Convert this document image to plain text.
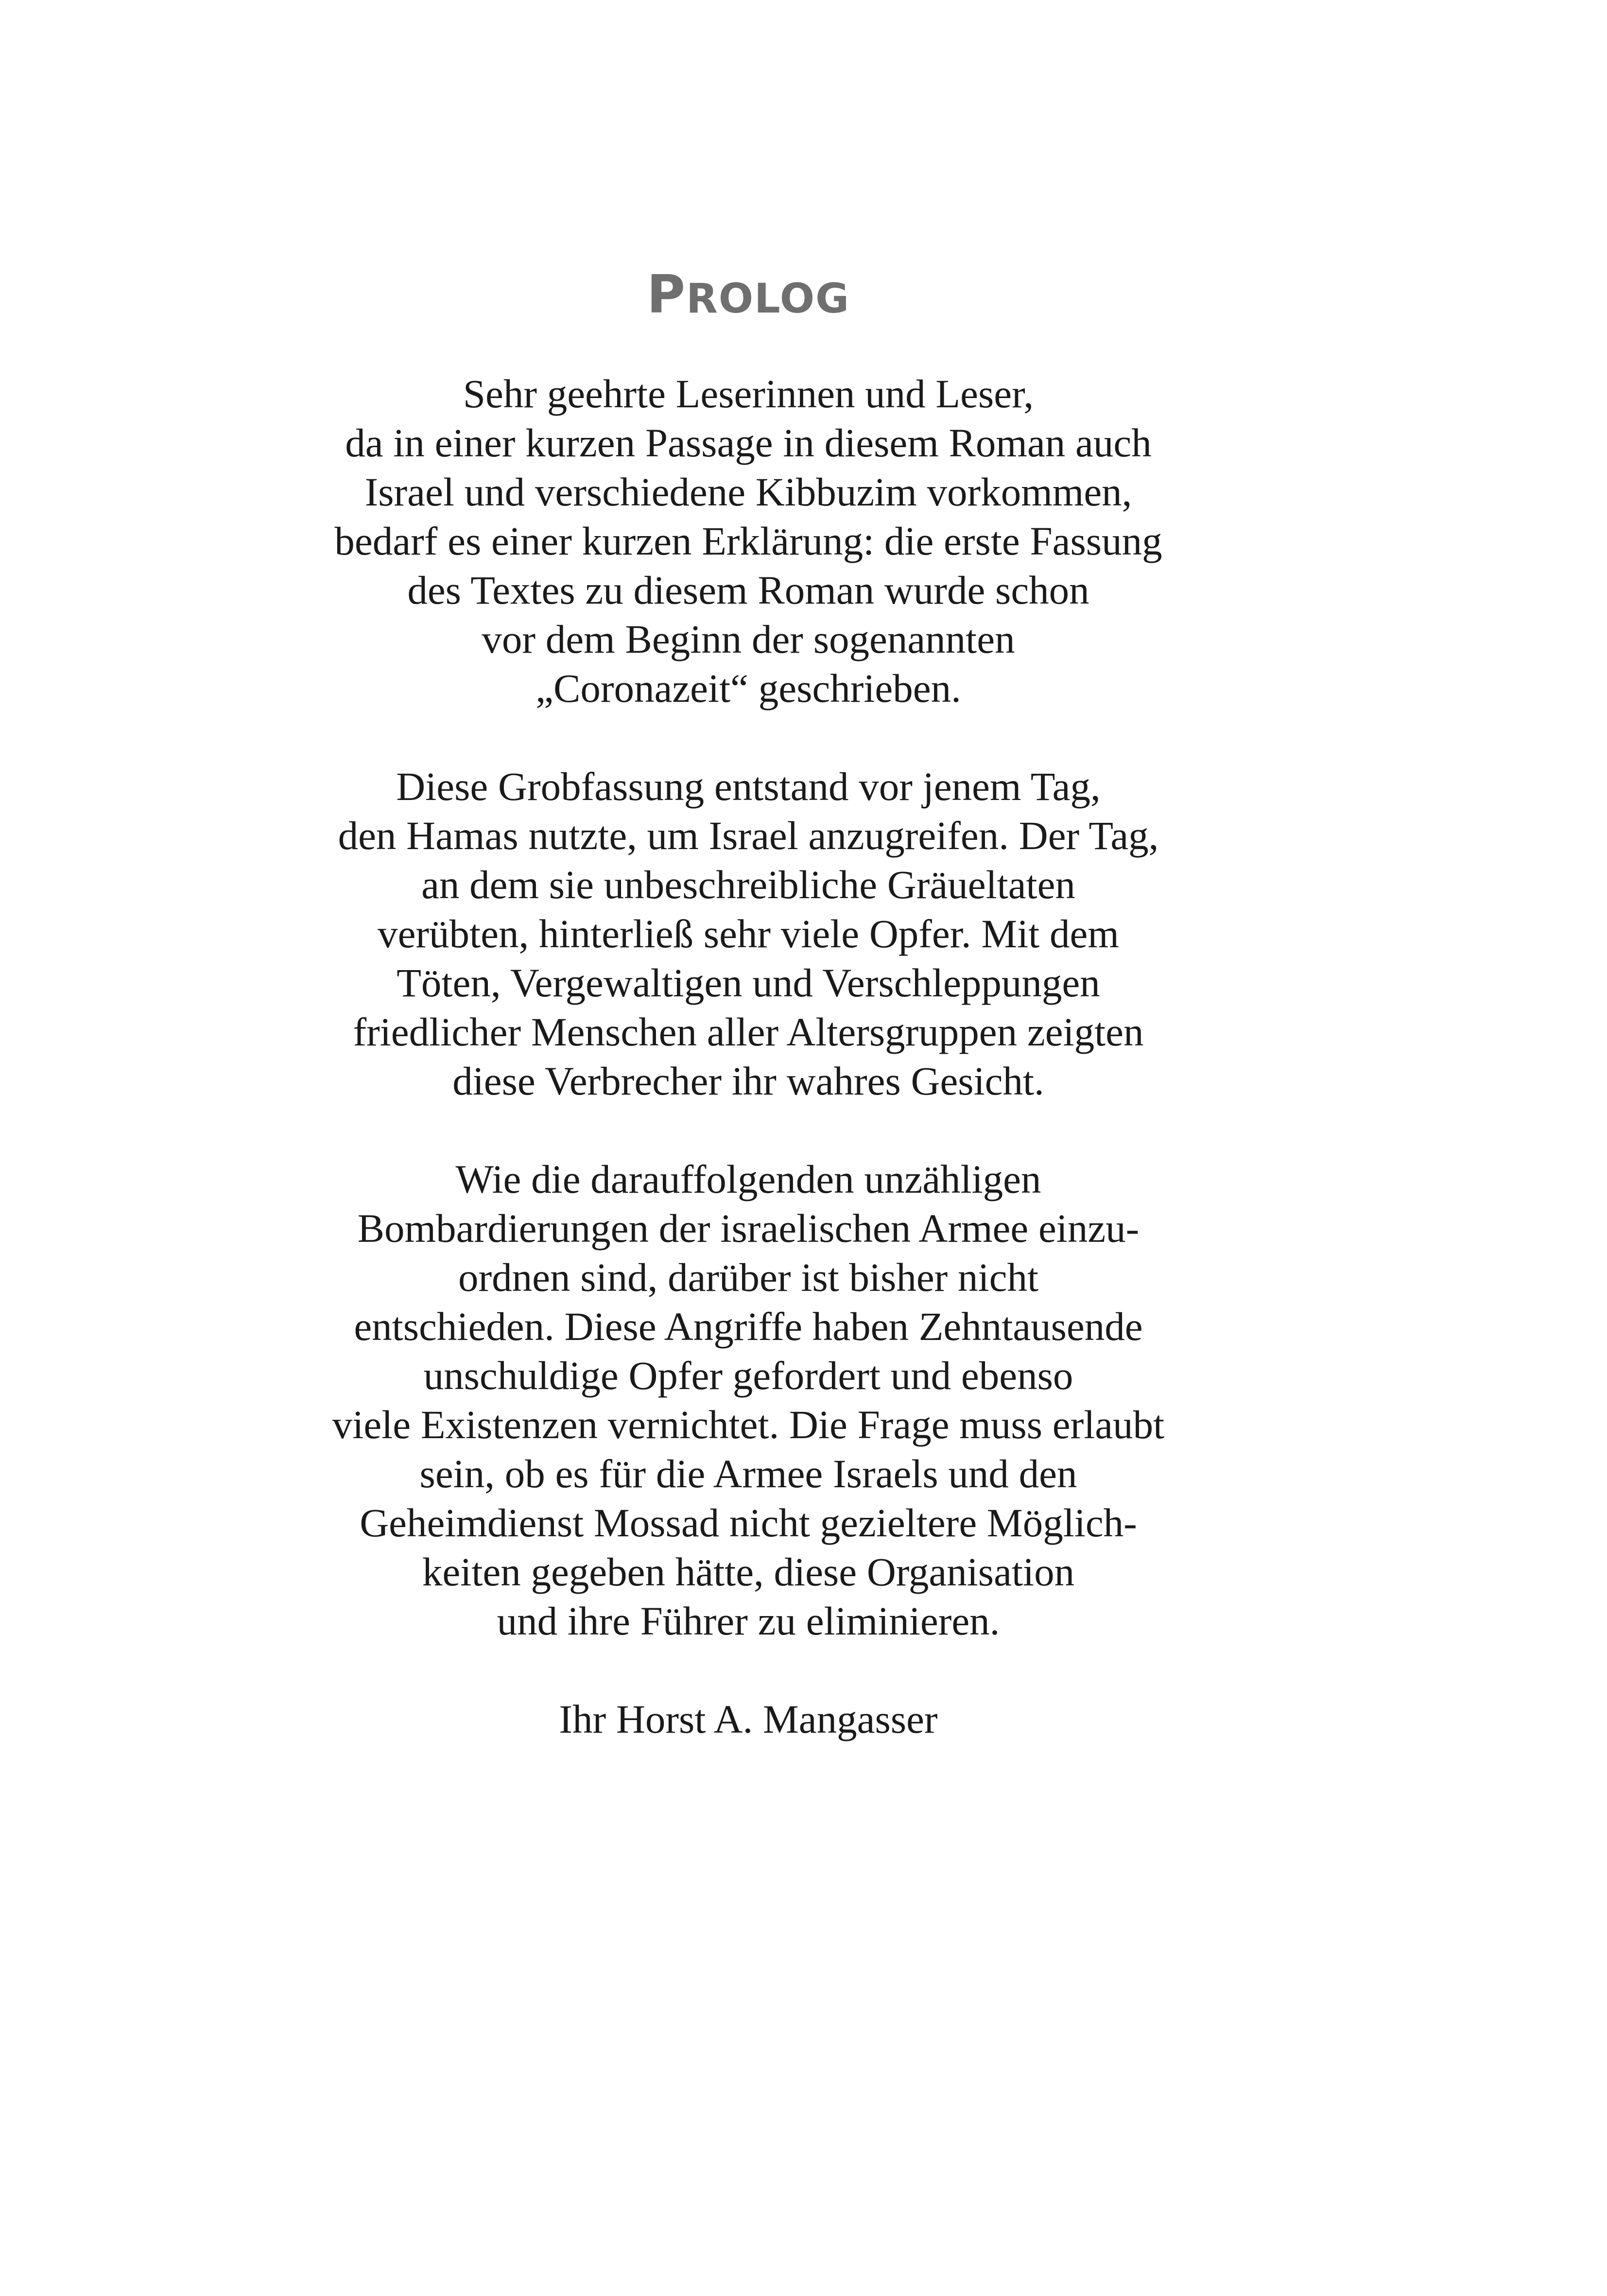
PROLOG

Sehr geehrte Leserinnen und Leser,
da in einer kurzen Passage in diesem Roman auch
Israel und verschiedene Kibbuzim vorkommen,
bedarf es einer kurzen Erklärung: die erste Fassung
des Textes zu diesem Roman wurde schon
vor dem Beginn der sogenannten
„Coronazeit“ geschrieben.

Diese Grobfassung entstand vor jenem Tag,
den Hamas nutzte, um Israel anzugreifen. Der Tag,
an dem sie unbeschreibliche Gräueltaten
verübten, hinterließ sehr viele Opfer. Mit dem
Töten, Vergewaltigen und Verschleppungen
friedlicher Menschen aller Altersgruppen zeigten
diese Verbrecher ihr wahres Gesicht.

Wie die darauffolgenden unzähligen
Bombardierungen der israelischen Armee einzu-
ordnen sind, darüber ist bisher nicht
entschieden. Diese Angriffe haben Zehntausende
unschuldige Opfer gefordert und ebenso
viele Existenzen vernichtet. Die Frage muss erlaubt
sein, ob es für die Armee Israels und den
Geheimdienst Mossad nicht gezieltere Möglich-
keiten gegeben hätte, diese Organisation
und ihre Führer zu eliminieren.

Ihr Horst A. Mangasser
